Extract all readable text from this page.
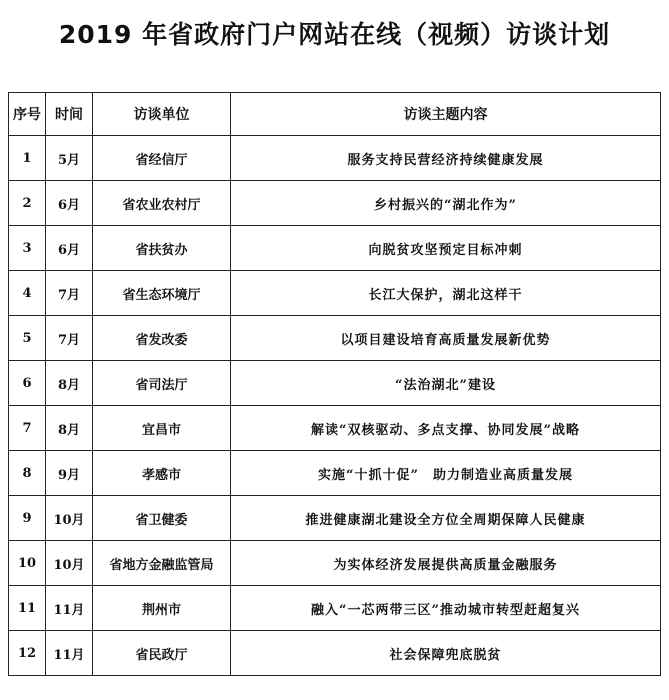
2019 年省政府门户网站在线（视频）访谈计划
序号	时间	访谈单位	访谈主题内容
1	5月	省经信厅	服务支持民营经济持续健康发展
2	6月	省农业农村厅	乡村振兴的“湖北作为”
3	6月	省扶贫办	向脱贫攻坚预定目标冲刺
4	7月	省生态环境厅	长江大保护，湖北这样干
5	7月	省发改委	以项目建设培育高质量发展新优势
6	8月	省司法厅	“法治湖北”建设
7	8月	宜昌市	解读“双核驱动、多点支撑、协同发展”战略
8	9月	孝感市	实施“十抓十促”　助力制造业高质量发展
9	10月	省卫健委	推进健康湖北建设全方位全周期保障人民健康
10	10月	省地方金融监管局	为实体经济发展提供高质量金融服务
11	11月	荆州市	融入“一芯两带三区”推动城市转型赶超复兴
12	11月	省民政厅	社会保障兜底脱贫
